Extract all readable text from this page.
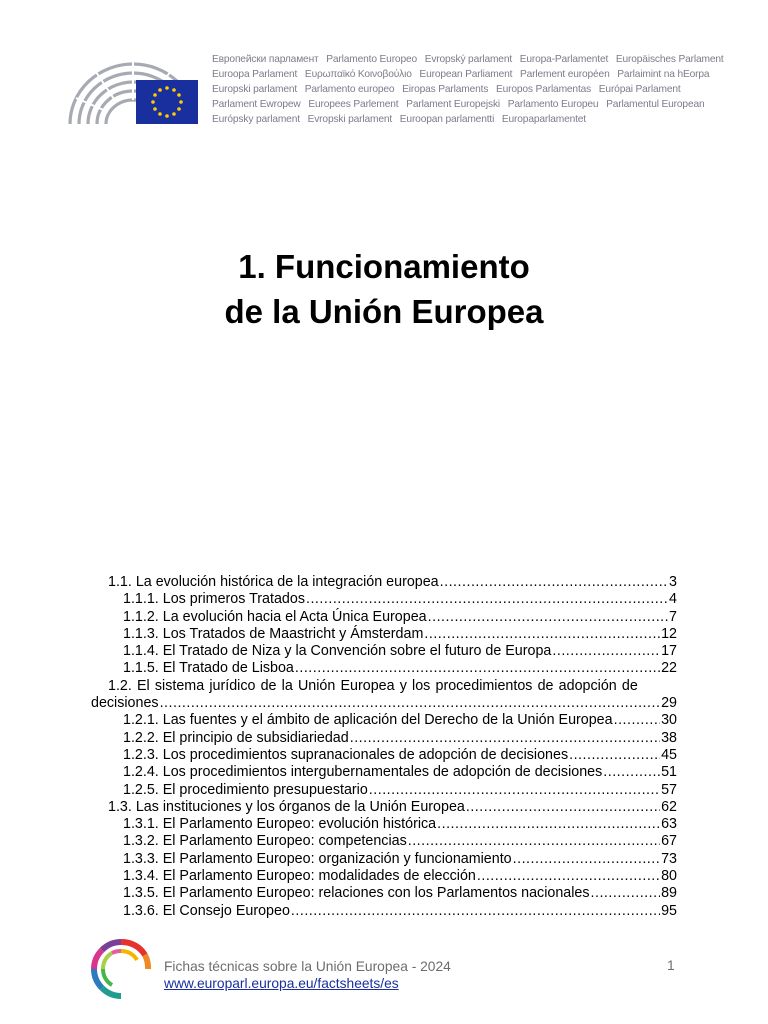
Европейски парламент Parlamento Europeo Evropský parlament Europa-Parlamentet Europäisches Parlament
Euroopa Parlament Ευρωπαϊκό Κοινοβούλιο European Parliament Parlement européen Parlaimint na hEorpa
Europski parlament Parlamento europeo Eiropas Parlaments Europos Parlamentas Európai Parlament
Parlament Ewropew Europees Parlement Parlament Europejski Parlamento Europeu Parlamentul European
Európsky parlament Evropski parlament Euroopan parlamentti Europaparlamentet
1. Funcionamiento
de la Unión Europea
1.1. La evolución histórica de la integración europea .....	3
1.1.1. Los primeros Tratados .....	4
1.1.2. La evolución hacia el Acta Única Europea .....	7
1.1.3. Los Tratados de Maastricht y Ámsterdam .....	12
1.1.4. El Tratado de Niza y la Convención sobre el futuro de Europa .....	17
1.1.5. El Tratado de Lisboa .....	22
1.2. El sistema jurídico de la Unión Europea y los procedimientos de adopción de
decisiones .....	29
1.2.1. Las fuentes y el ámbito de aplicación del Derecho de la Unión Europea .....	30
1.2.2. El principio de subsidiariedad .....	38
1.2.3. Los procedimientos supranacionales de adopción de decisiones .....	45
1.2.4. Los procedimientos intergubernamentales de adopción de decisiones .....	51
1.2.5. El procedimiento presupuestario .....	57
1.3. Las instituciones y los órganos de la Unión Europea .....	62
1.3.1. El Parlamento Europeo: evolución histórica .....	63
1.3.2. El Parlamento Europeo: competencias .....	67
1.3.3. El Parlamento Europeo: organización y funcionamiento .....	73
1.3.4. El Parlamento Europeo: modalidades de elección .....	80
1.3.5. El Parlamento Europeo: relaciones con los Parlamentos nacionales .....	89
1.3.6. El Consejo Europeo .....	95
Fichas técnicas sobre la Unión Europea - 2024
www.europarl.europa.eu/factsheets/es
1
